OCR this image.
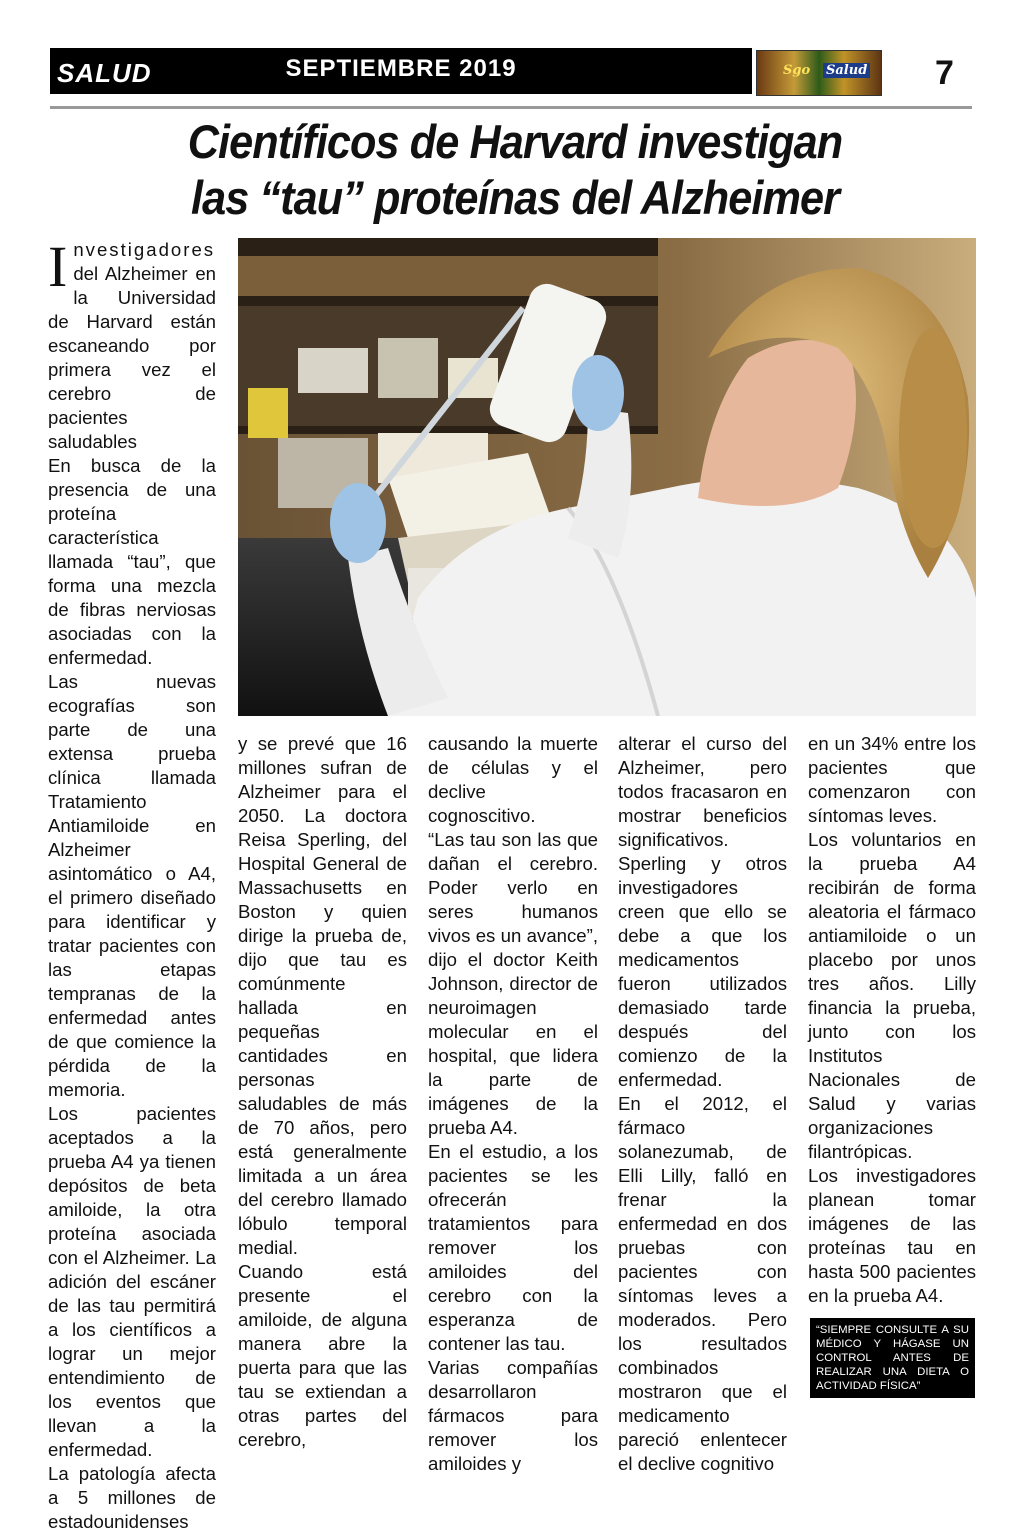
SALUD	SEPTIEMBRE 2019	Sgo Salud 7
Científicos de Harvard investigan
las “tau” proteínas del Alzheimer
I nvestigadores del Alzheimer en la Universidad de Harvard están escaneando por primera vez el cerebro de pacientes saludables

En busca de la presencia de una proteína característica llamada “tau”, que forma una mezcla de fibras nerviosas asociadas con la enfermedad.

Las nuevas ecografías son parte de una extensa prueba clínica llamada Tratamiento Antiamiloide en Alzheimer asintomático o A4, el primero diseñado para identificar y tratar pacientes con las etapas tempranas de la enfermedad antes de que comience la pérdida de la memoria.

Los pacientes aceptados a la prueba A4 ya tienen depósitos de beta amiloide, la otra proteína asociada con el Alzheimer. La adición del escáner de las tau permitirá a los científicos a lograr un mejor entendimiento de los eventos que llevan a la enfermedad.

La patología afecta a 5 millones de estadounidenses

y se prevé que 16 millones sufran de Alzheimer para el 2050. La doctora Reisa Sperling, del Hospital General de Massachusetts en Boston y quien dirige la prueba de, dijo que tau es comúnmente hallada en pequeñas cantidades en personas saludables de más de 70 años, pero está generalmente limitada a un área del cerebro llamado lóbulo temporal medial.

Cuando está presente el amiloide, de alguna manera abre la puerta para que las tau se extiendan a otras partes del cerebro,

causando la muerte de células y el declive cognoscitivo.

“Las tau son las que dañan el cerebro. Poder verlo en seres humanos vivos es un avance”, dijo el doctor Keith Johnson, director de neuroimagen molecular en el hospital, que lidera la parte de imágenes de la prueba A4.

En el estudio, a los pacientes se les ofrecerán tratamientos para remover los amiloides del cerebro con la esperanza de contener las tau.

Varias compañías desarrollaron fármacos para remover los amiloides y

alterar el curso del Alzheimer, pero todos fracasaron en mostrar beneficios significativos. Sperling y otros investigadores creen que ello se debe a que los medicamentos fueron utilizados demasiado tarde después del comienzo de la enfermedad.

En el 2012, el fármaco solanezumab, de Elli Lilly, falló en frenar la enfermedad en dos pruebas con pacientes con síntomas leves a moderados. Pero los resultados combinados mostraron que el medicamento pareció enlentecer el declive cognitivo

en un 34% entre los pacientes que comenzaron con síntomas leves.

Los voluntarios en la prueba A4 recibirán de forma aleatoria el fármaco antiamiloide o un placebo por unos tres años. Lilly financia la prueba, junto con los Institutos Nacionales de Salud y varias organizaciones filantrópicas.

Los investigadores planean tomar imágenes de las proteínas tau en hasta 500 pacientes en la prueba A4.

“SIEMPRE CONSULTE A SU MÉDICO Y HÁGASE UN CONTROL ANTES DE REALIZAR UNA DIETA O ACTIVIDAD FÍSICA”
